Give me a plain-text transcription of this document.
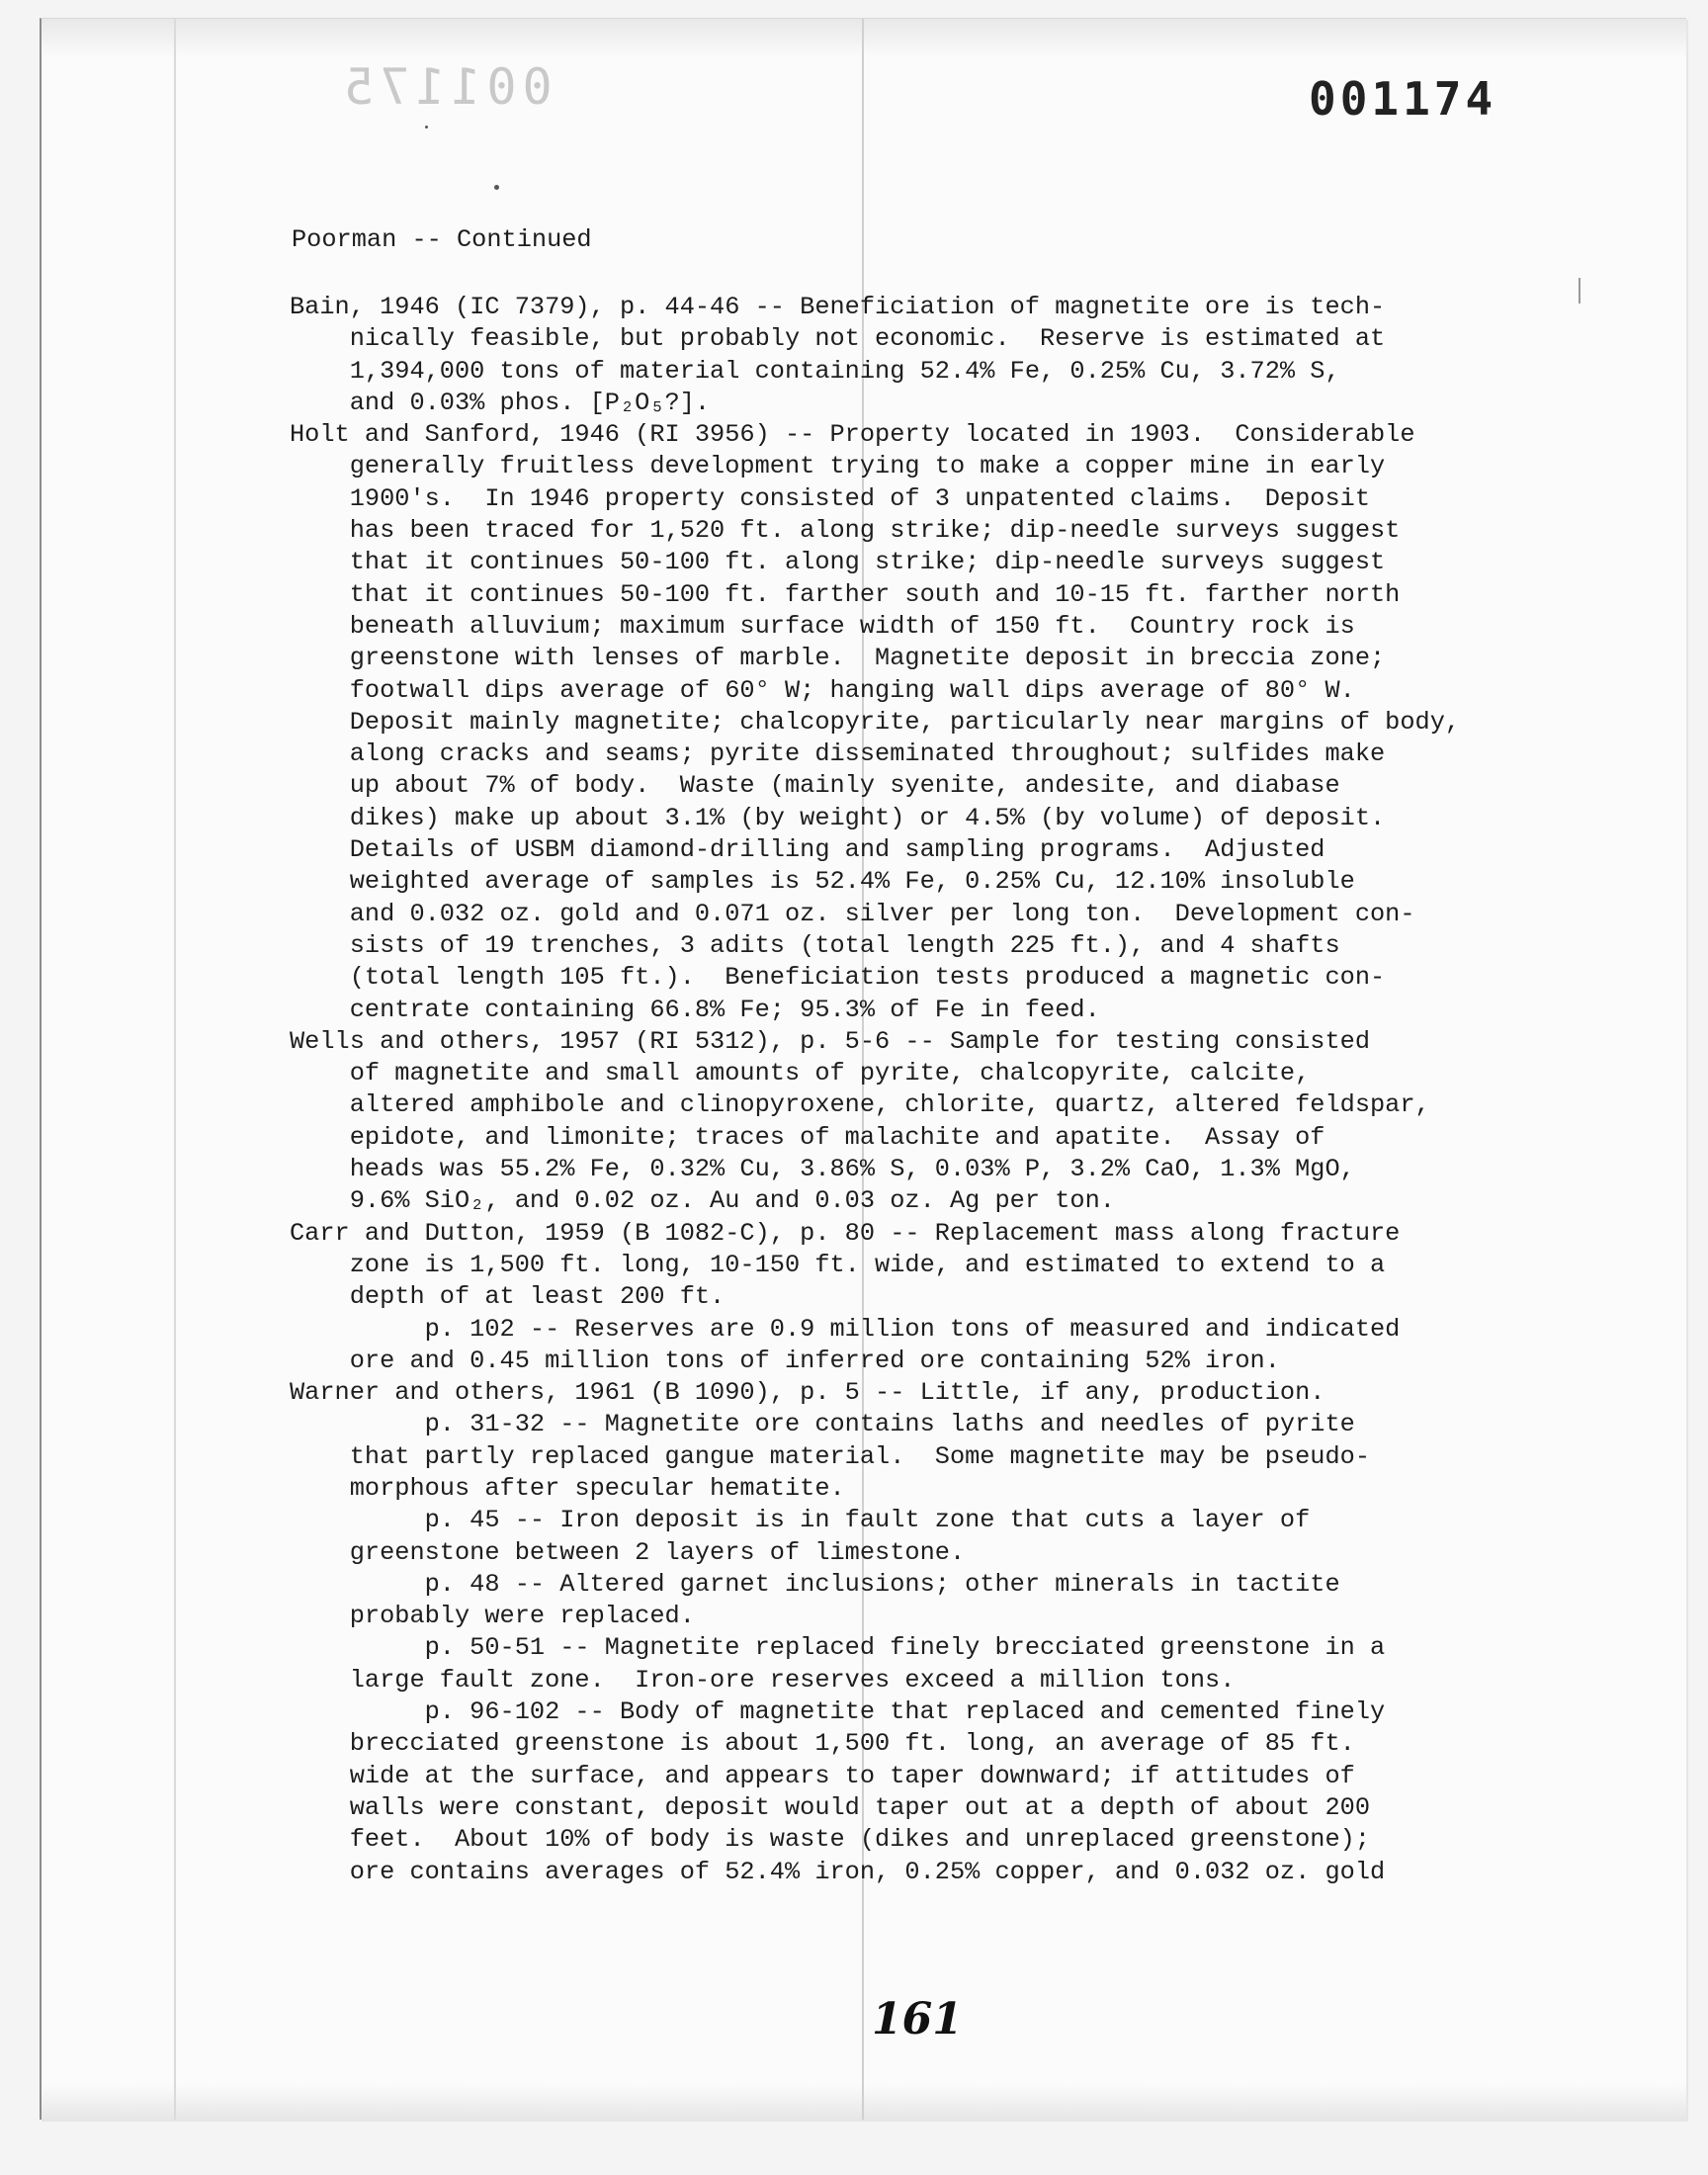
001175	001174
Poorman -- Continued
Bain, 1946 (IC 7379), p. 44-46 -- Beneficiation of magnetite ore is tech-
nically feasible, but probably not economic.  Reserve is estimated at
1,394,000 tons of material containing 52.4% Fe, 0.25% Cu, 3.72% S,
and 0.03% phos. [P₂O₅?].
Holt and Sanford, 1946 (RI 3956) -- Property located in 1903.  Considerable
generally fruitless development trying to make a copper mine in early
1900's.  In 1946 property consisted of 3 unpatented claims.  Deposit
has been traced for 1,520 ft. along strike; dip-needle surveys suggest
that it continues 50-100 ft. along strike; dip-needle surveys suggest
that it continues 50-100 ft. farther south and 10-15 ft. farther north
beneath alluvium; maximum surface width of 150 ft.  Country rock is
greenstone with lenses of marble.  Magnetite deposit in breccia zone;
footwall dips average of 60° W; hanging wall dips average of 80° W.
Deposit mainly magnetite; chalcopyrite, particularly near margins of body,
along cracks and seams; pyrite disseminated throughout; sulfides make
up about 7% of body.  Waste (mainly syenite, andesite, and diabase
dikes) make up about 3.1% (by weight) or 4.5% (by volume) of deposit.
Details of USBM diamond-drilling and sampling programs.  Adjusted
weighted average of samples is 52.4% Fe, 0.25% Cu, 12.10% insoluble
and 0.032 oz. gold and 0.071 oz. silver per long ton.  Development con-
sists of 19 trenches, 3 adits (total length 225 ft.), and 4 shafts
(total length 105 ft.).  Beneficiation tests produced a magnetic con-
centrate containing 66.8% Fe; 95.3% of Fe in feed.
Wells and others, 1957 (RI 5312), p. 5-6 -- Sample for testing consisted
of magnetite and small amounts of pyrite, chalcopyrite, calcite,
altered amphibole and clinopyroxene, chlorite, quartz, altered feldspar,
epidote, and limonite; traces of malachite and apatite.  Assay of
heads was 55.2% Fe, 0.32% Cu, 3.86% S, 0.03% P, 3.2% CaO, 1.3% MgO,
9.6% SiO₂, and 0.02 oz. Au and 0.03 oz. Ag per ton.
Carr and Dutton, 1959 (B 1082-C), p. 80 -- Replacement mass along fracture
zone is 1,500 ft. long, 10-150 ft. wide, and estimated to extend to a
depth of at least 200 ft.
p. 102 -- Reserves are 0.9 million tons of measured and indicated
ore and 0.45 million tons of inferred ore containing 52% iron.
Warner and others, 1961 (B 1090), p. 5 -- Little, if any, production.
p. 31-32 -- Magnetite ore contains laths and needles of pyrite
that partly replaced gangue material.  Some magnetite may be pseudo-
morphous after specular hematite.
p. 45 -- Iron deposit is in fault zone that cuts a layer of
greenstone between 2 layers of limestone.
p. 48 -- Altered garnet inclusions; other minerals in tactite
probably were replaced.
p. 50-51 -- Magnetite replaced finely brecciated greenstone in a
large fault zone.  Iron-ore reserves exceed a million tons.
p. 96-102 -- Body of magnetite that replaced and cemented finely
brecciated greenstone is about 1,500 ft. long, an average of 85 ft.
wide at the surface, and appears to taper downward; if attitudes of
walls were constant, deposit would taper out at a depth of about 200
feet.  About 10% of body is waste (dikes and unreplaced greenstone);
ore contains averages of 52.4% iron, 0.25% copper, and 0.032 oz. gold
161
